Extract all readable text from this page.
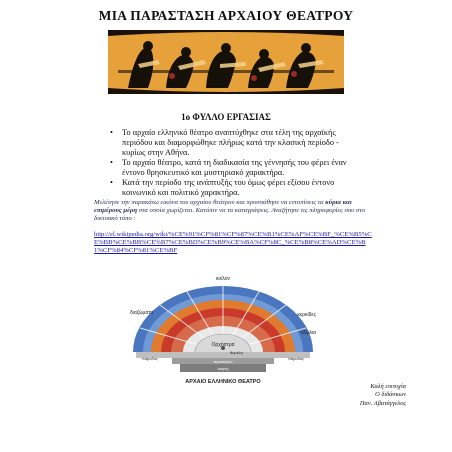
ΜΙΑ ΠΑΡΑΣΤΑΣΗ ΑΡΧΑΙΟΥ ΘΕΑΤΡΟΥ
1ο ΦΥΛΛΟ ΕΡΓΑΣΙΑΣ
• Το αρχαίο ελληνικό θέατρο αναπτύχθηκε στα τέλη της αρχαϊκής περιόδου και διαμορφώθηκε πλήρως κατά την κλασική περίοδο - κυρίως στην Αθήνα.
• Το αρχαίο θέατρο, κατά τη διαδικασία της γέννησής του φέρει έναν έντονο θρησκευτικό και μυστηριακό χαρακτήρα.
• Κατά την περίοδο της ανάπτυξής του όμως φέρει εξίσου έντονο κοινωνικό και πολιτικό χαρακτήρα.
Μελέτησε την παρακάτω εικόνα του αρχαίου θεάτρου και προσπάθησε να εντοπίσεις τα κύρια και επιμέρους μέρη στα οποία χωρίζεται. Κατόπιν να τα καταγράψεις. Αναζήτησε τις πληροφορίες σου στο δικτυακό τόπο :
http://el.wikipedia.org/wiki/%CE%91%CF%81%CF%87%CE%B1%CE%AF%CE%BF_%CE%B5%CE%BB%CE%BB%CE%B7%CE%BD%CE%B9%CE%BA%CF%8C_%CE%B8%CE%AD%CE%B1%CF%84%CF%81%CE%BF
κοίλον
διαζώματα	κερκίδες
εδώλια
Ορχήστρα
θυμέλη
προσκήνιο
σκηνή
πάροδος	πάροδος
ΑΡΧΑΙΟ ΕΛΛΗΝΙΚΟ ΘΕΑΤΡΟ
Καλή επιτυχία
Ο διδάσκων
Παν. Αβατάγγελος
